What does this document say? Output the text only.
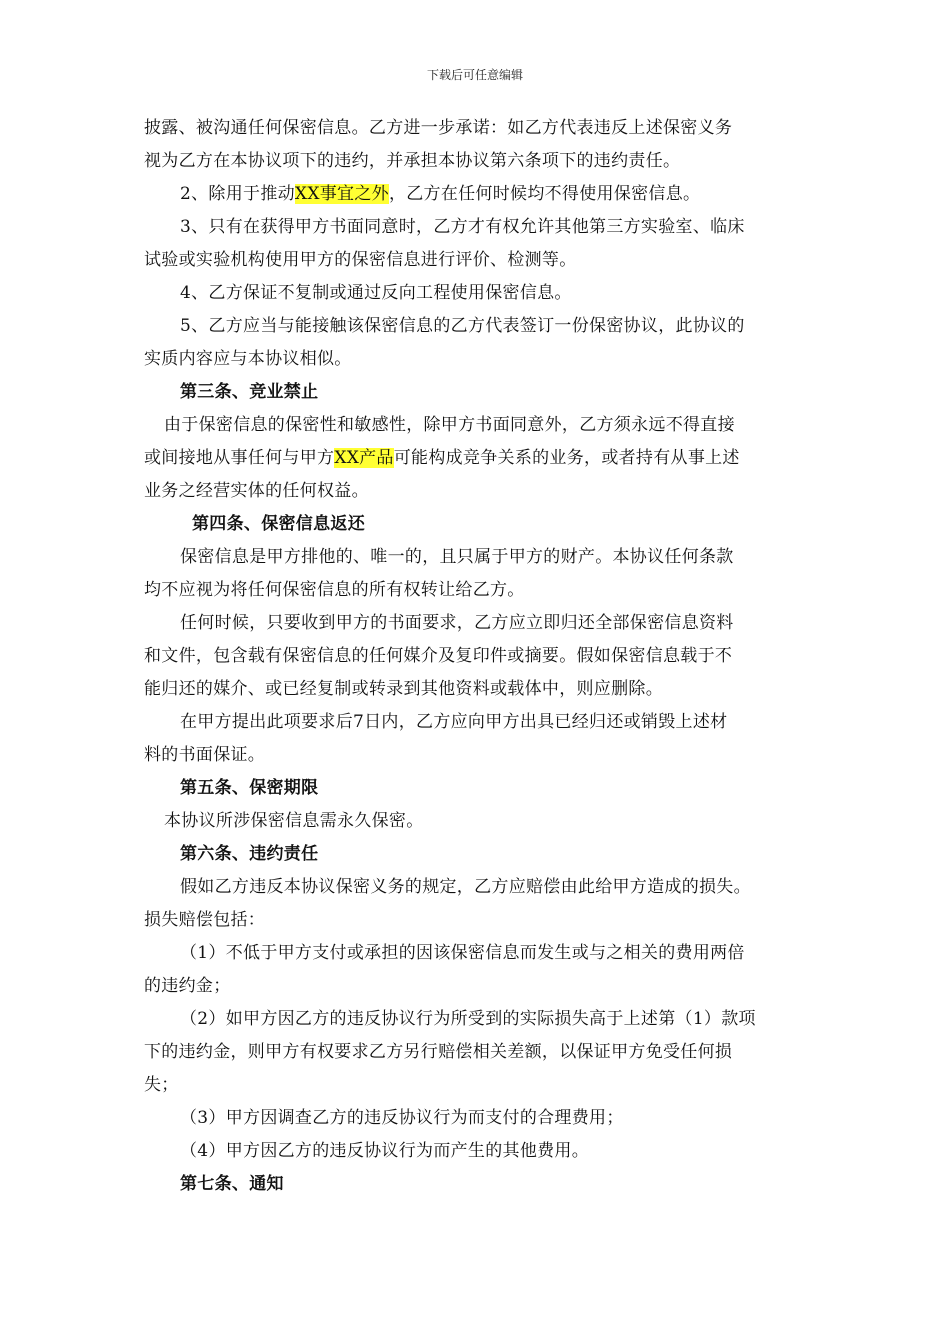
下载后可任意编辑
披露、被沟通任何保密信息。乙方进一步承诺：如乙方代表违反上述保密义务
视为乙方在本协议项下的违约，并承担本协议第六条项下的违约责任。
2、除用于推动XX事宜之外，乙方在任何时候均不得使用保密信息。
3、只有在获得甲方书面同意时，乙方才有权允许其他第三方实验室、临床
试验或实验机构使用甲方的保密信息进行评价、检测等。
4、乙方保证不复制或通过反向工程使用保密信息。
5、乙方应当与能接触该保密信息的乙方代表签订一份保密协议，此协议的
实质内容应与本协议相似。
第三条、竞业禁止
由于保密信息的保密性和敏感性，除甲方书面同意外，乙方须永远不得直接
或间接地从事任何与甲方XX产品可能构成竞争关系的业务，或者持有从事上述
业务之经营实体的任何权益。
第四条、保密信息返还
保密信息是甲方排他的、唯一的，且只属于甲方的财产。本协议任何条款
均不应视为将任何保密信息的所有权转让给乙方。
任何时候，只要收到甲方的书面要求，乙方应立即归还全部保密信息资料
和文件，包含载有保密信息的任何媒介及复印件或摘要。假如保密信息载于不
能归还的媒介、或已经复制或转录到其他资料或载体中，则应删除。
在甲方提出此项要求后7日内，乙方应向甲方出具已经归还或销毁上述材
料的书面保证。
第五条、保密期限
本协议所涉保密信息需永久保密。
第六条、违约责任
假如乙方违反本协议保密义务的规定，乙方应赔偿由此给甲方造成的损失。
损失赔偿包括：
（1）不低于甲方支付或承担的因该保密信息而发生或与之相关的费用两倍
的违约金；
（2）如甲方因乙方的违反协议行为所受到的实际损失高于上述第（1）款项
下的违约金，则甲方有权要求乙方另行赔偿相关差额，以保证甲方免受任何损
失；
（3）甲方因调查乙方的违反协议行为而支付的合理费用；
（4）甲方因乙方的违反协议行为而产生的其他费用。
第七条、通知
